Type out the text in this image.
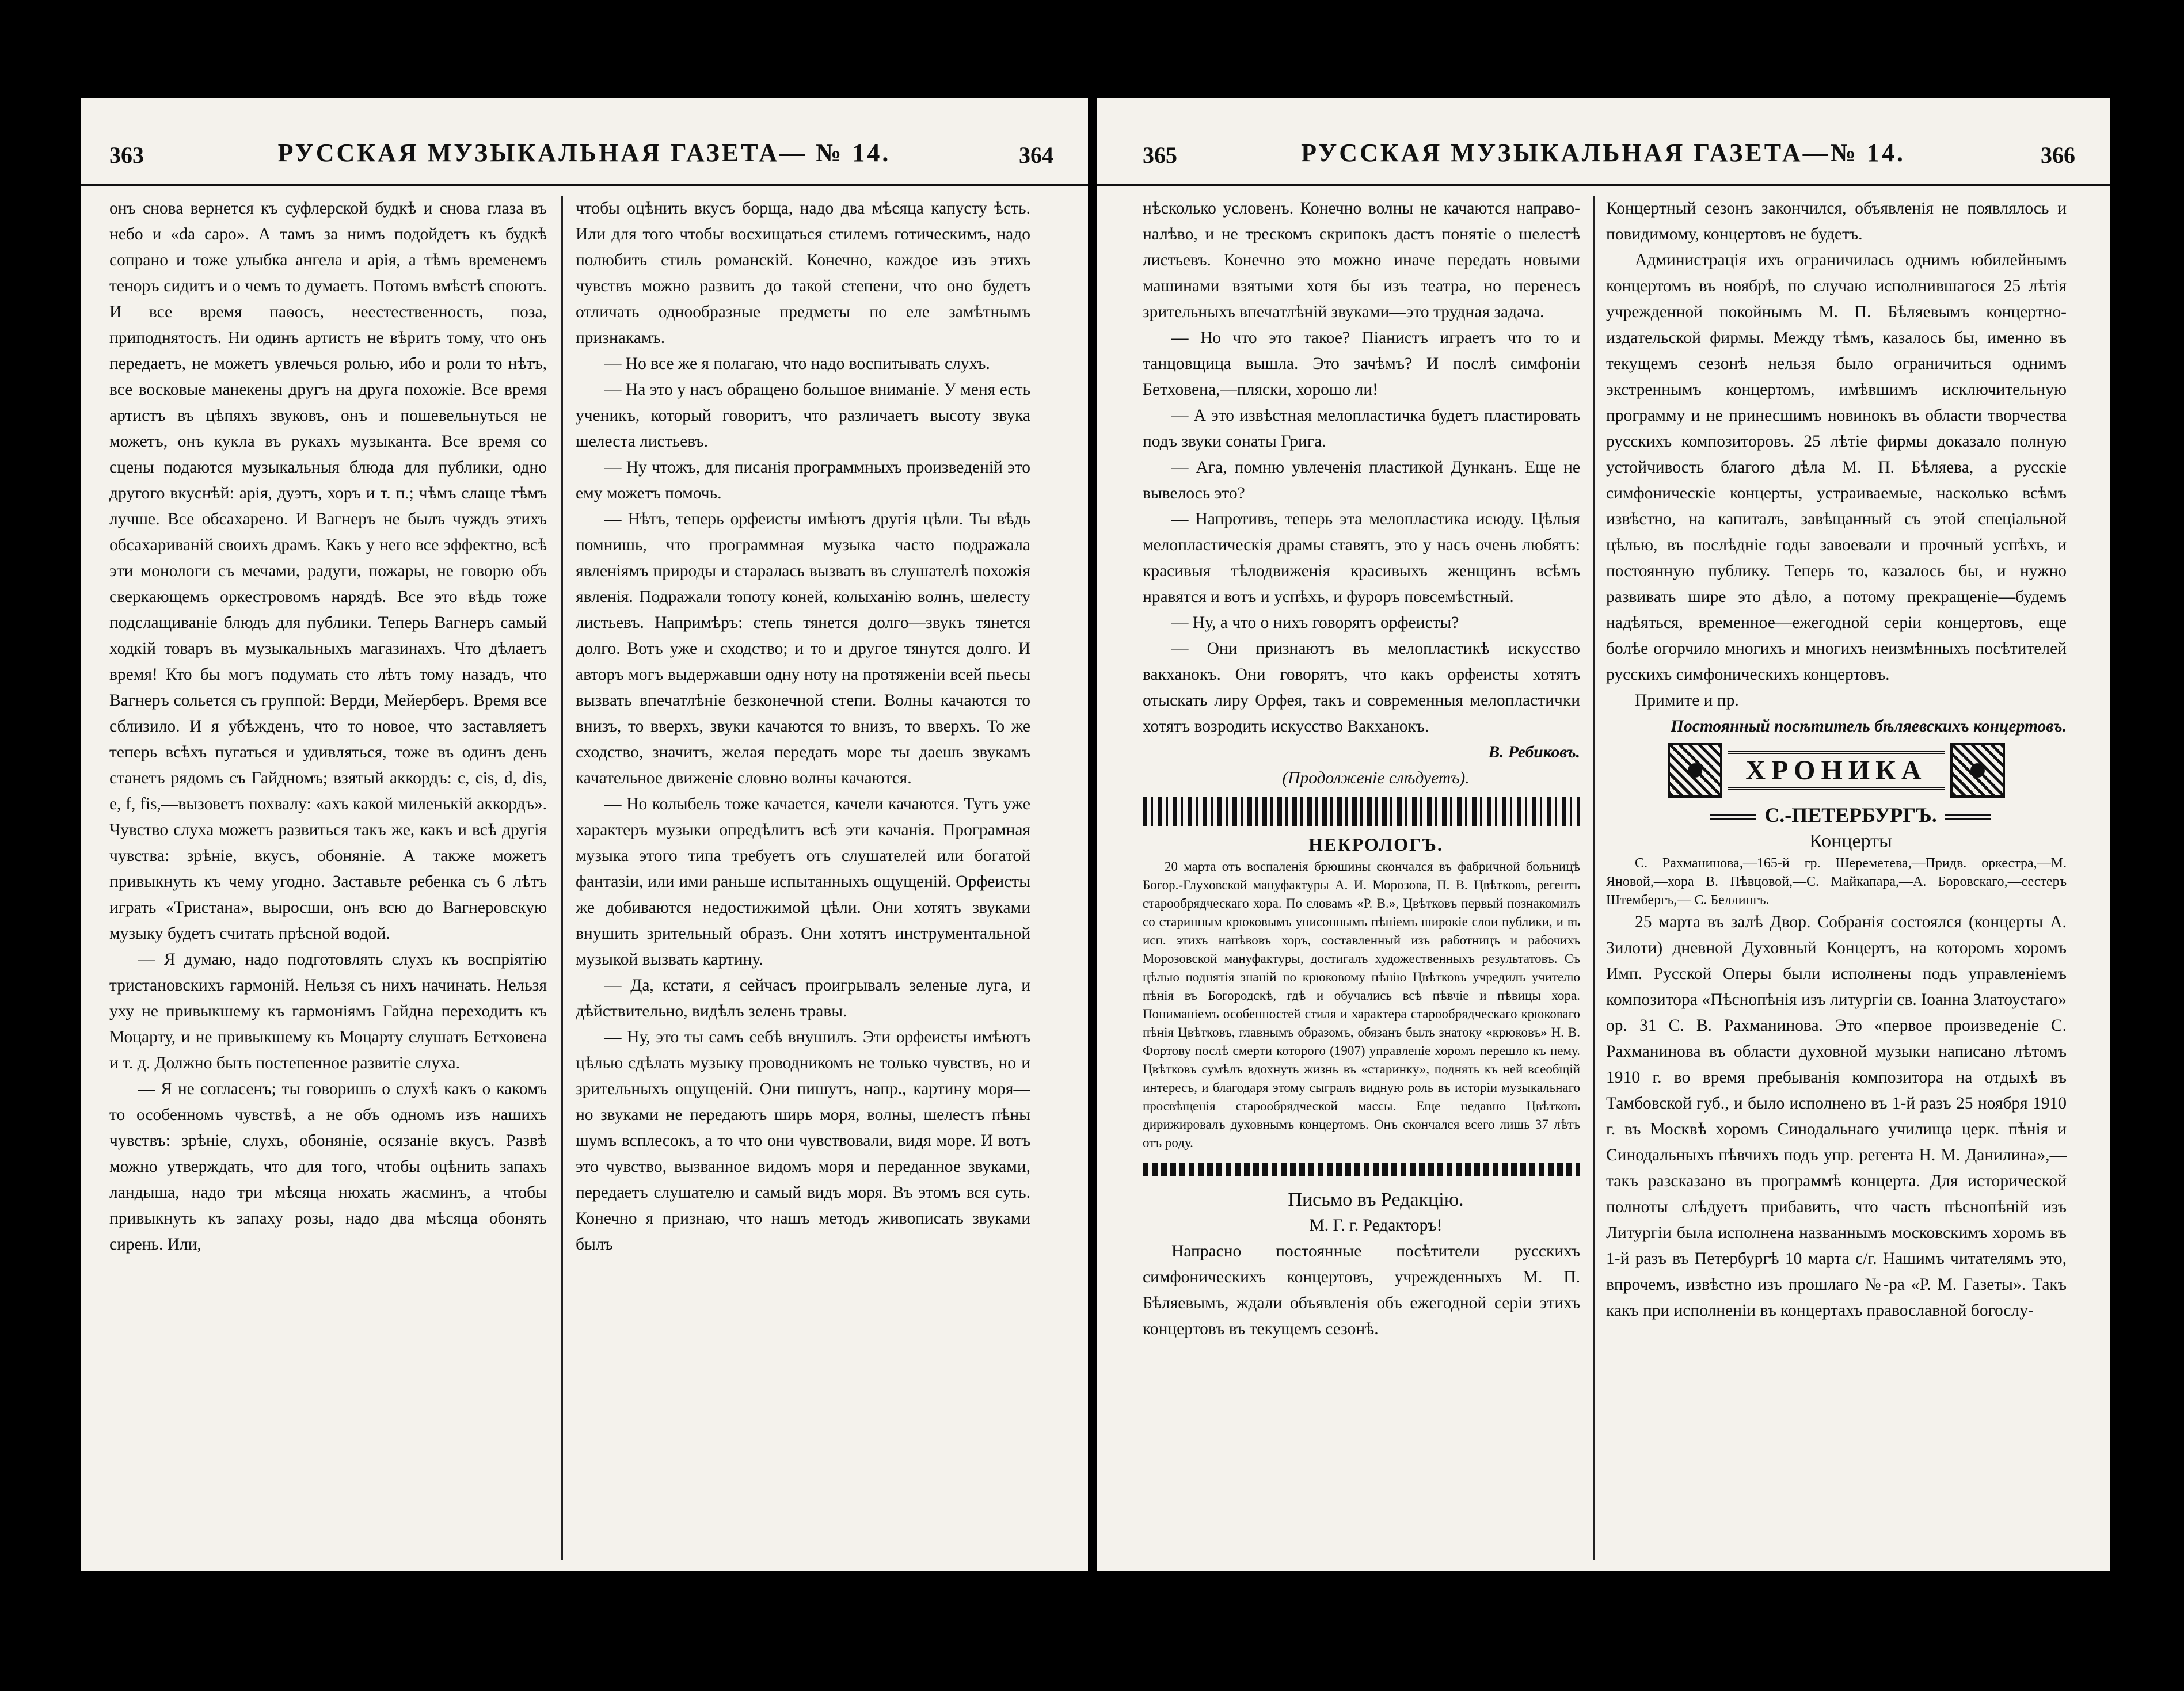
363	РУССКАЯ МУЗЫКАЛЬНАЯ ГАЗЕТА— № 14.	364

онъ снова вернется къ суфлерской будкѣ и снова глаза въ небо и «da capo». А тамъ за нимъ подойдетъ къ будкѣ сопрано и тоже улыбка ангела и арія, а тѣмъ временемъ теноръ сидитъ и о чемъ то думаетъ. Потомъ вмѣстѣ споютъ. И все время паѳосъ, неестественность, поза, приподнятость. Ни одинъ артистъ не вѣритъ тому, что онъ передаетъ, не можетъ увлечься ролью, ибо и роли то нѣтъ, все восковые манекены другъ на друга похожіе. Все время артистъ въ цѣпяхъ звуковъ, онъ и пошевельнуться не можетъ, онъ кукла въ рукахъ музыканта. Все время со сцены подаются музыкальныя блюда для публики, одно другого вкуснѣй: арія, дуэтъ, хоръ и т. п.; чѣмъ слаще тѣмъ лучше. Все обсахарено. И Вагнеръ не былъ чуждъ этихъ обсахариваній своихъ драмъ. Какъ у него все эффектно, всѣ эти монологи съ мечами, радуги, пожары, не говорю объ сверкающемъ оркестровомъ нарядѣ. Все это вѣдь тоже подслащиваніе блюдъ для публики. Теперь Вагнеръ самый ходкій товаръ въ музыкальныхъ магазинахъ. Что дѣлаетъ время! Кто бы могъ подумать сто лѣтъ тому назадъ, что Вагнеръ сольется съ группой: Верди, Мейерберъ. Время все сблизило. И я убѣжденъ, что то новое, что заставляетъ теперь всѣхъ пугаться и удивляться, тоже въ одинъ день станетъ рядомъ съ Гайдномъ; взятый аккордъ: c, cis, d, dis, e, f, fis,—вызоветъ похвалу: «ахъ какой миленькій аккордъ». Чувство слуха можетъ развиться такъ же, какъ и всѣ другія чувства: зрѣніе, вкусъ, обоняніе. А также можетъ привыкнуть къ чему угодно. Заставьте ребенка съ 6 лѣтъ играть «Тристана», выросши, онъ всю до Вагнеровскую музыку будетъ считать прѣсной водой.

— Я думаю, надо подготовлять слухъ къ воспріятію тристановскихъ гармоній. Нельзя съ нихъ начинать. Нельзя уху не привыкшему къ гармоніямъ Гайдна переходить къ Моцарту, и не привыкшему къ Моцарту слушать Бетховена и т. д. Должно быть постепенное развитіе слуха.

— Я не согласенъ; ты говоришь о слухѣ какъ о какомъ то особенномъ чувствѣ, а не объ одномъ изъ нашихъ чувствъ: зрѣніе, слухъ, обоняніе, осязаніе вкусъ. Развѣ можно утверждать, что для того, чтобы оцѣнить запахъ ландыша, надо три мѣсяца нюхать жасминъ, а чтобы привыкнуть къ запаху розы, надо два мѣсяца обонять сирень. Или,

чтобы оцѣнить вкусъ борща, надо два мѣсяца капусту ѣсть. Или для того чтобы восхищаться стилемъ готическимъ, надо полюбить стиль романскій. Конечно, каждое изъ этихъ чувствъ можно развить до такой степени, что оно будетъ отличать однообразные предметы по еле замѣтнымъ признакамъ.

— Но все же я полагаю, что надо воспитывать слухъ.

— На это у насъ обращено большое вниманіе. У меня есть ученикъ, который говоритъ, что различаетъ высоту звука шелеста листьевъ.

— Ну чтожъ, для писанія программныхъ произведеній это ему можетъ помочь.

— Нѣтъ, теперь орфеисты имѣютъ другія цѣли. Ты вѣдь помнишь, что программная музыка часто подражала явленіямъ природы и старалась вызвать въ слушателѣ похожія явленія. Подражали топоту коней, колыханію волнъ, шелесту листьевъ. Напримѣръ: степь тянется долго—звукъ тянется долго. Вотъ уже и сходство; и то и другое тянутся долго. И авторъ могъ выдержавши одну ноту на протяженіи всей пьесы вызвать впечатлѣніе безконечной степи. Волны качаются то внизъ, то вверхъ, звуки качаются то внизъ, то вверхъ. То же сходство, значитъ, желая передать море ты даешь звукамъ качательное движеніе словно волны качаются.

— Но колыбель тоже качается, качели качаются. Тутъ уже характеръ музыки опредѣлитъ всѣ эти качанія. Програмная музыка этого типа требуетъ отъ слушателей или богатой фантазіи, или ими раньше испытанныхъ ощущеній. Орфеисты же добиваются недостижимой цѣли. Они хотятъ звуками внушить зрительный образъ. Они хотятъ инструментальной музыкой вызвать картину.

— Да, кстати, я сейчасъ проигрывалъ зеленые луга, и дѣйствительно, видѣлъ зелень травы.

— Ну, это ты самъ себѣ внушилъ. Эти орфеисты имѣютъ цѣлью сдѣлать музыку проводникомъ не только чувствъ, но и зрительныхъ ощущеній. Они пишутъ, напр., картину моря—но звуками не передаютъ ширь моря, волны, шелестъ пѣны шумъ всплесокъ, а то что они чувствовали, видя море. И вотъ это чувство, вызванное видомъ моря и переданное звуками, передаетъ слушателю и самый видъ моря. Въ этомъ вся суть. Конечно я признаю, что нашъ методъ живописать звуками былъ

365	РУССКАЯ МУЗЫКАЛЬНАЯ ГАЗЕТА—№ 14.	366

нѣсколько условенъ. Конечно волны не качаются направо-налѣво, и не трескомъ скрипокъ дастъ понятіе о шелестѣ листьевъ. Конечно это можно иначе передать новыми машинами взятыми хотя бы изъ театра, но перенесъ зрительныхъ впечатлѣній звуками—это трудная задача.

— Но что это такое? Піанистъ играетъ что то и танцовщица вышла. Это зачѣмъ? И послѣ симфоніи Бетховена,—пляски, хорошо ли!

— А это извѣстная мелопластичка будетъ пластировать подъ звуки сонаты Грига.

— Ага, помню увлеченія пластикой Дунканъ. Еще не вывелось это?

— Напротивъ, теперь эта мелопластика исюду. Цѣлыя мелопластическія драмы ставятъ, это у насъ очень любятъ: красивыя тѣлодвиженія красивыхъ женщинъ всѣмъ нравятся и вотъ и успѣхъ, и фуроръ повсемѣстный.

— Ну, а что о нихъ говорятъ орфеисты?

— Они признаютъ въ мелопластикѣ искусство вакханокъ. Они говорятъ, что какъ орфеисты хотятъ отыскать лиру Орфея, такъ и современныя мелопластички хотятъ возродить искусство Вакханокъ.

В. Ребиковъ.

(Продолженіе слѣдуетъ).

НЕКРОЛОГЪ.

20 марта отъ воспаленія брюшины скончался въ фабричной больницѣ Богор.-Глуховской мануфактуры А. И. Морозова, П. В. Цвѣтковъ, регентъ старообрядческаго хора. По словамъ «Р. В.», Цвѣтковъ первый познакомилъ со старинным крюковымъ унисоннымъ пѣніемъ широкіе слои публики, и въ исп. этихъ напѣвовъ хоръ, составленный изъ работницъ и рабочихъ Морозовской мануфактуры, достигалъ художественныхъ результатовъ. Съ цѣлью поднятія знаній по крюковому пѣнію Цвѣтковъ учредилъ учителю пѣнія въ Богородскѣ, гдѣ и обучались всѣ пѣвчіе и пѣвицы хора. Пониманіемъ особенностей стиля и характера старообрядческаго крюковаго пѣнія Цвѣтковъ, главнымъ образомъ, обязанъ былъ знатоку «крюковъ» Н. В. Фортову послѣ смерти которого (1907) управленіе хоромъ перешло къ нему. Цвѣтковъ сумѣлъ вдохнуть жизнь въ «старинку», поднять къ ней всеобщій интересъ, и благодаря этому сыгралъ видную роль въ исторіи музыкальнаго просвѣщенія старообрядческой массы. Еще недавно Цвѣтковъ дирижировалъ духовнымъ концертомъ. Онъ скончался всего лишь 37 лѣтъ отъ роду.

Письмо въ Редакцію.

М. Г. г. Редакторъ!

Напрасно постоянные посѣтители русскихъ симфоническихъ концертовъ, учрежденныхъ М. П. Бѣляевымъ, ждали объявленія объ ежегодной серіи этихъ концертовъ въ текущемъ сезонѣ.

Концертный сезонъ закончился, объявленія не появлялось и повидимому, концертовъ не будетъ.

Администрація ихъ ограничилась однимъ юбилейнымъ концертомъ въ ноябрѣ, по случаю исполнившагося 25 лѣтія учрежденной покойнымъ М. П. Бѣляевымъ концертно-издательской фирмы. Между тѣмъ, казалось бы, именно въ текущемъ сезонѣ нельзя было ограничиться однимъ экстреннымъ концертомъ, имѣвшимъ исключительную программу и не принесшимъ новинокъ въ области творчества русскихъ композиторовъ. 25 лѣтіе фирмы доказало полную устойчивость благого дѣла М. П. Бѣляева, а русскіе симфоническіе концерты, устраиваемые, насколько всѣмъ извѣстно, на капиталъ, завѣщанный съ этой спеціальной цѣлью, въ послѣдніе годы завоевали и прочный успѣхъ, и постоянную публику. Теперь то, казалось бы, и нужно развивать шире это дѣло, а потому прекращеніе—будемъ надѣяться, временное—ежегодной серіи концертовъ, еще болѣе огорчило многихъ и многихъ неизмѣнныхъ посѣтителей русскихъ симфоническихъ концертовъ.

Примите и пр.

Постоянный посѣтитель бѣляевскихъ концертовъ.

ХРОНИКА

С.-ПЕТЕРБУРГЪ.

Концерты

С. Рахманинова,—165-й гр. Шереметева,—Придв. оркестра,—М. Яновой,—хора В. Пѣвцовой,—С. Майкапара,—А. Боровскаго,—сестеръ Штембергъ,— С. Беллингъ.

25 марта въ залѣ Двор. Собранія состоялся (концерты А. Зилоти) дневной Духовный Концертъ, на которомъ хоромъ Имп. Русской Оперы были исполнены подъ управленіемъ композитора «Пѣснопѣнія изъ литургіи св. Іоанна Златоустаго» ор. 31 С. В. Рахманинова. Это «первое произведеніе С. Рахманинова въ области духовной музыки написано лѣтомъ 1910 г. во время пребыванія композитора на отдыхѣ въ Тамбовской губ., и было исполнено въ 1-й разъ 25 ноября 1910 г. въ Москвѣ хоромъ Синодальнаго училища церк. пѣнія и Синодальныхъ пѣвчихъ подъ упр. регента Н. М. Данилина»,—такъ разсказано въ программѣ концерта. Для исторической полноты слѣдуетъ прибавить, что часть пѣснопѣній изъ Литургіи была исполнена названнымъ московскимъ хоромъ въ 1-й разъ въ Петербургѣ 10 марта с/г. Нашимъ читателямъ это, впрочемъ, извѣстно изъ прошлаго №-ра «Р. М. Газеты». Такъ какъ при исполненіи въ концертахъ православной богослу-
